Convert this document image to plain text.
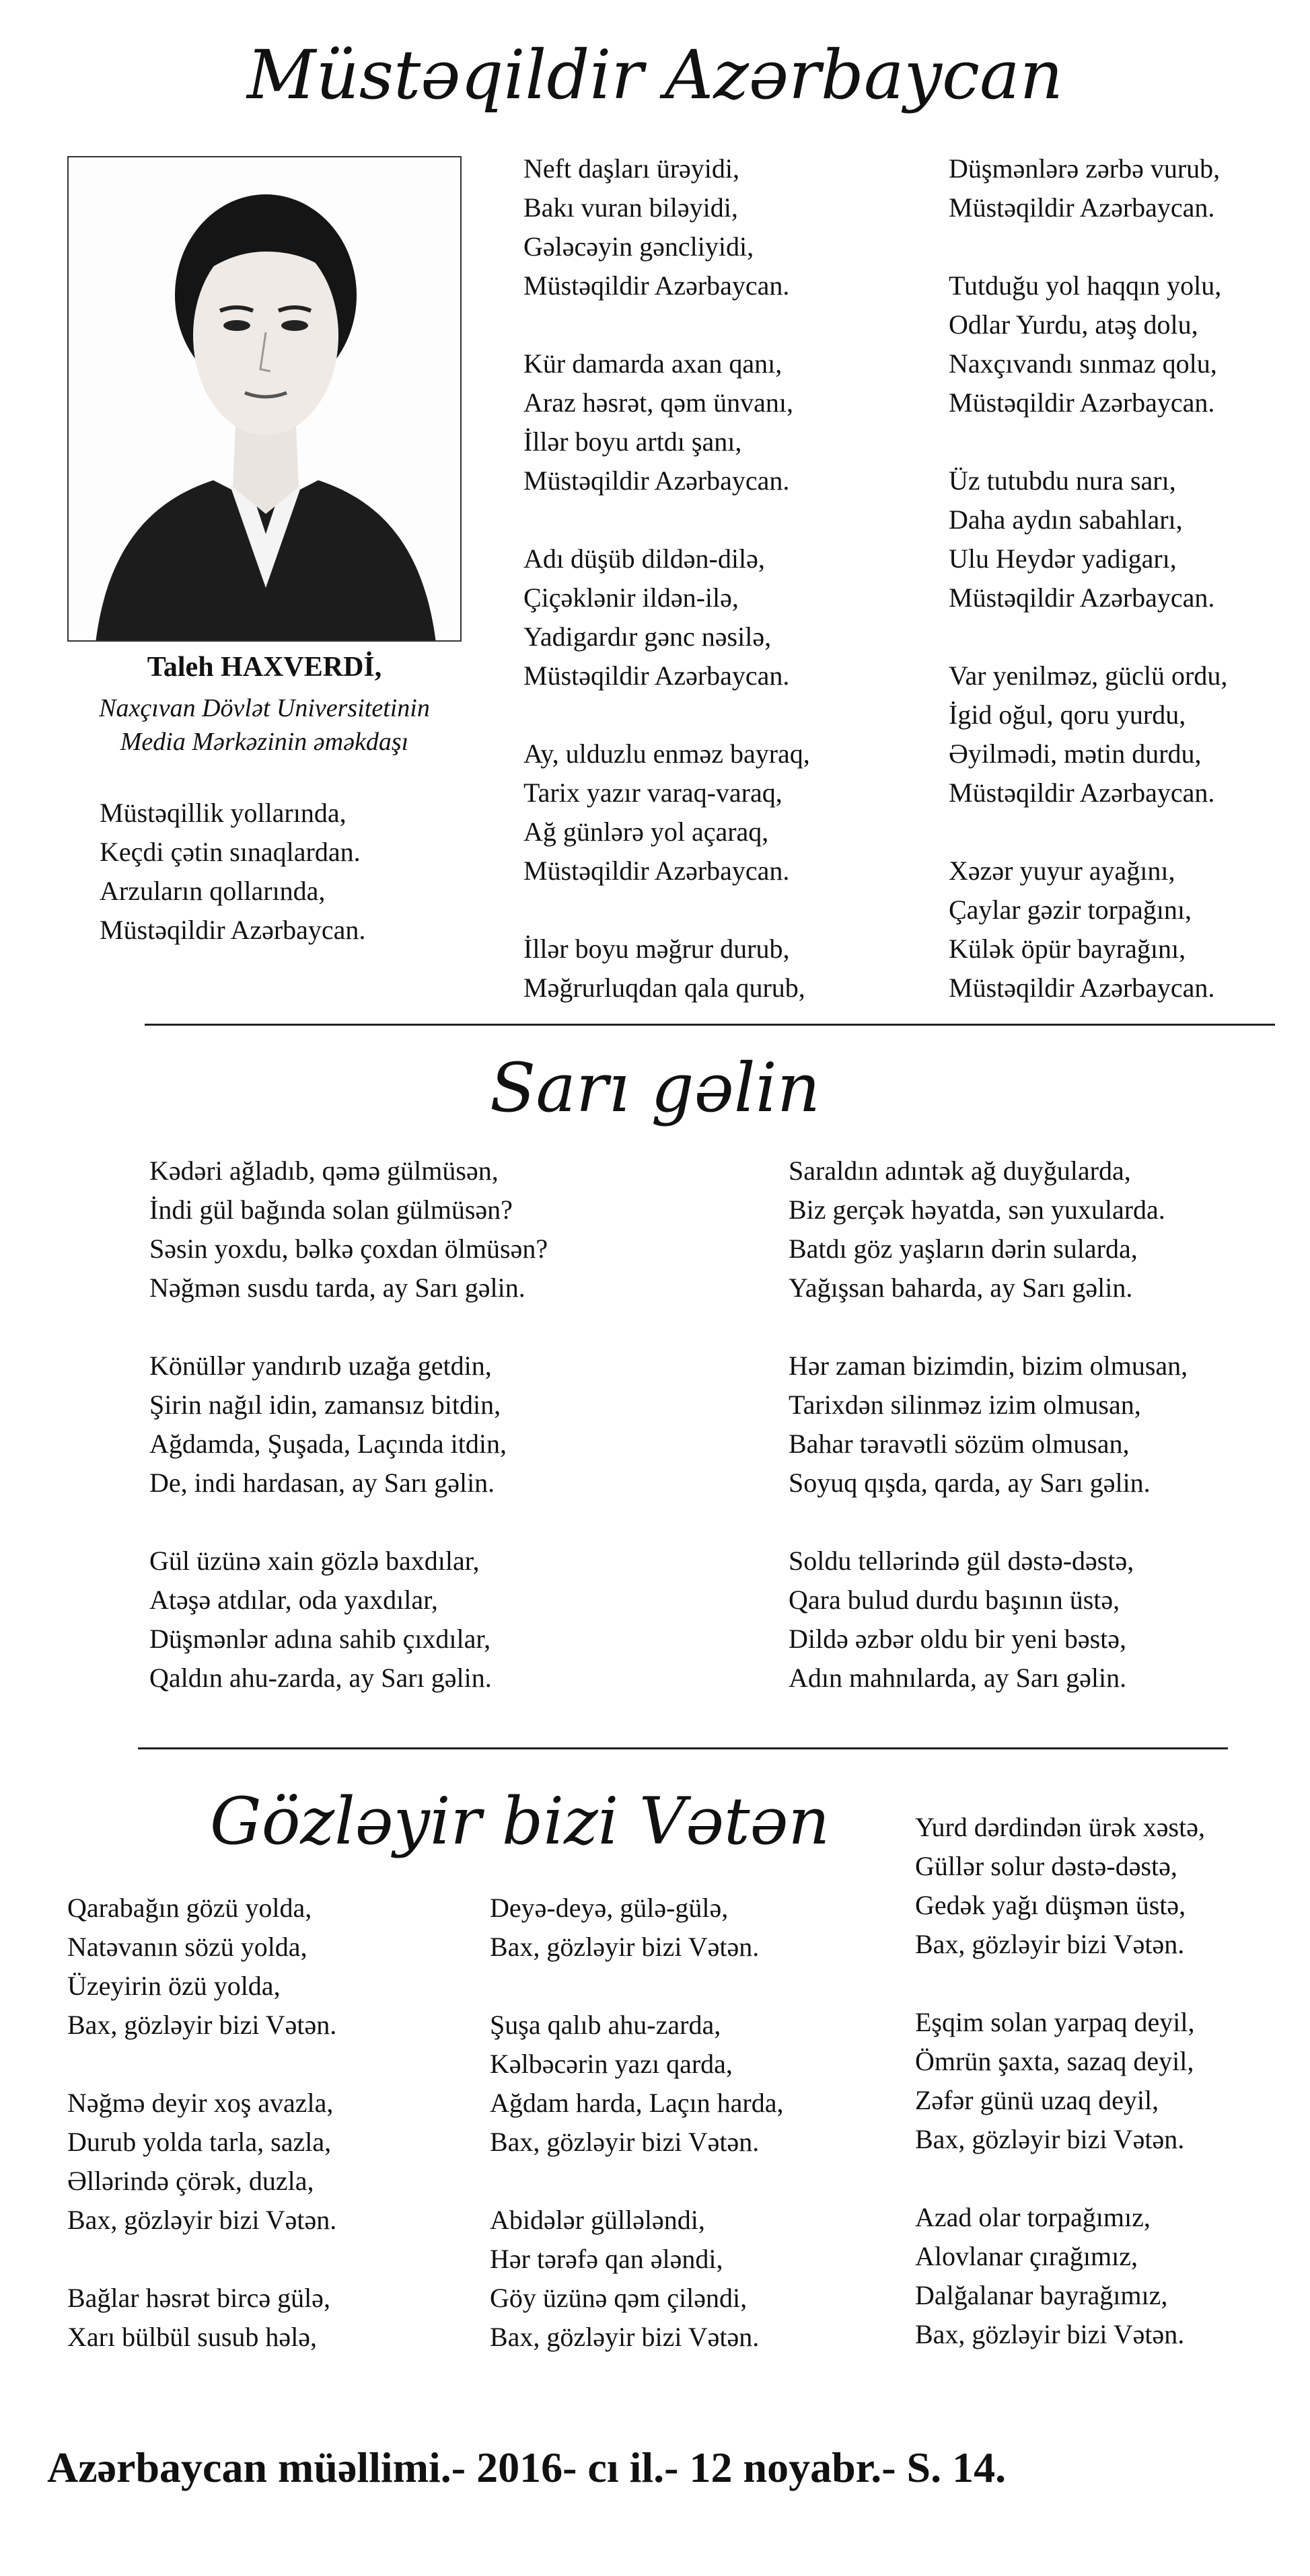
Müstəqildir Azərbaycan
Taleh HAXVERDİ,
Naxçıvan Dövlət Universitetinin
Media Mərkəzinin əməkdaşı
Müstəqillik yollarında,
Keçdi çətin sınaqlardan.
Arzuların qollarında,
Müstəqildir Azərbaycan.
Neft daşları ürəyidi,
Bakı vuran biləyidi,
Gələcəyin gəncliyidi,
Müstəqildir Azərbaycan.
Kür damarda axan qanı,
Araz həsrət, qəm ünvanı,
İllər boyu artdı şanı,
Müstəqildir Azərbaycan.
Adı düşüb dildən-dilə,
Çiçəklənir ildən-ilə,
Yadigardır gənc nəsilə,
Müstəqildir Azərbaycan.
Ay, ulduzlu enməz bayraq,
Tarix yazır varaq-varaq,
Ağ günlərə yol açaraq,
Müstəqildir Azərbaycan.
İllər boyu məğrur durub,
Məğrurluqdan qala qurub,
Düşmənlərə zərbə vurub,
Müstəqildir Azərbaycan.
Tutduğu yol haqqın yolu,
Odlar Yurdu, atəş dolu,
Naxçıvandı sınmaz qolu,
Müstəqildir Azərbaycan.
Üz tutubdu nura sarı,
Daha aydın sabahları,
Ulu Heydər yadigarı,
Müstəqildir Azərbaycan.
Var yenilməz, güclü ordu,
İgid oğul, qoru yurdu,
Əyilmədi, mətin durdu,
Müstəqildir Azərbaycan.
Xəzər yuyur ayağını,
Çaylar gəzir torpağını,
Külək öpür bayrağını,
Müstəqildir Azərbaycan.
Sarı gəlin
Kədəri ağladıb, qəmə gülmüsən,
İndi gül bağında solan gülmüsən?
Səsin yoxdu, bəlkə çoxdan ölmüsən?
Nəğmən susdu tarda, ay Sarı gəlin.
Könüllər yandırıb uzağa getdin,
Şirin nağıl idin, zamansız bitdin,
Ağdamda, Şuşada, Laçında itdin,
De, indi hardasan, ay Sarı gəlin.
Gül üzünə xain gözlə baxdılar,
Atəşə atdılar, oda yaxdılar,
Düşmənlər adına sahib çıxdılar,
Qaldın ahu-zarda, ay Sarı gəlin.
Saraldın adıntək ağ duyğularda,
Biz gerçək həyatda, sən yuxularda.
Batdı göz yaşların dərin sularda,
Yağışsan baharda, ay Sarı gəlin.
Hər zaman bizimdin, bizim olmusan,
Tarixdən silinməz izim olmusan,
Bahar təravətli sözüm olmusan,
Soyuq qışda, qarda, ay Sarı gəlin.
Soldu tellərində gül dəstə-dəstə,
Qara bulud durdu başının üstə,
Dildə əzbər oldu bir yeni bəstə,
Adın mahnılarda, ay Sarı gəlin.
Gözləyir bizi Vətən
Qarabağın gözü yolda,
Natəvanın sözü yolda,
Üzeyirin özü yolda,
Bax, gözləyir bizi Vətən.
Nəğmə deyir xoş avazla,
Durub yolda tarla, sazla,
Əllərində çörək, duzla,
Bax, gözləyir bizi Vətən.
Bağlar həsrət bircə gülə,
Xarı bülbül susub hələ,
Deyə-deyə, gülə-gülə,
Bax, gözləyir bizi Vətən.
Şuşa qalıb ahu-zarda,
Kəlbəcərin yazı qarda,
Ağdam harda, Laçın harda,
Bax, gözləyir bizi Vətən.
Abidələr güllələndi,
Hər tərəfə qan ələndi,
Göy üzünə qəm çiləndi,
Bax, gözləyir bizi Vətən.
Yurd dərdindən ürək xəstə,
Güllər solur dəstə-dəstə,
Gedək yağı düşmən üstə,
Bax, gözləyir bizi Vətən.
Eşqim solan yarpaq deyil,
Ömrün şaxta, sazaq deyil,
Zəfər günü uzaq deyil,
Bax, gözləyir bizi Vətən.
Azad olar torpağımız,
Alovlanar çırağımız,
Dalğalanar bayrağımız,
Bax, gözləyir bizi Vətən.
Azərbaycan müəllimi.- 2016- cı il.- 12 noyabr.- S. 14.
